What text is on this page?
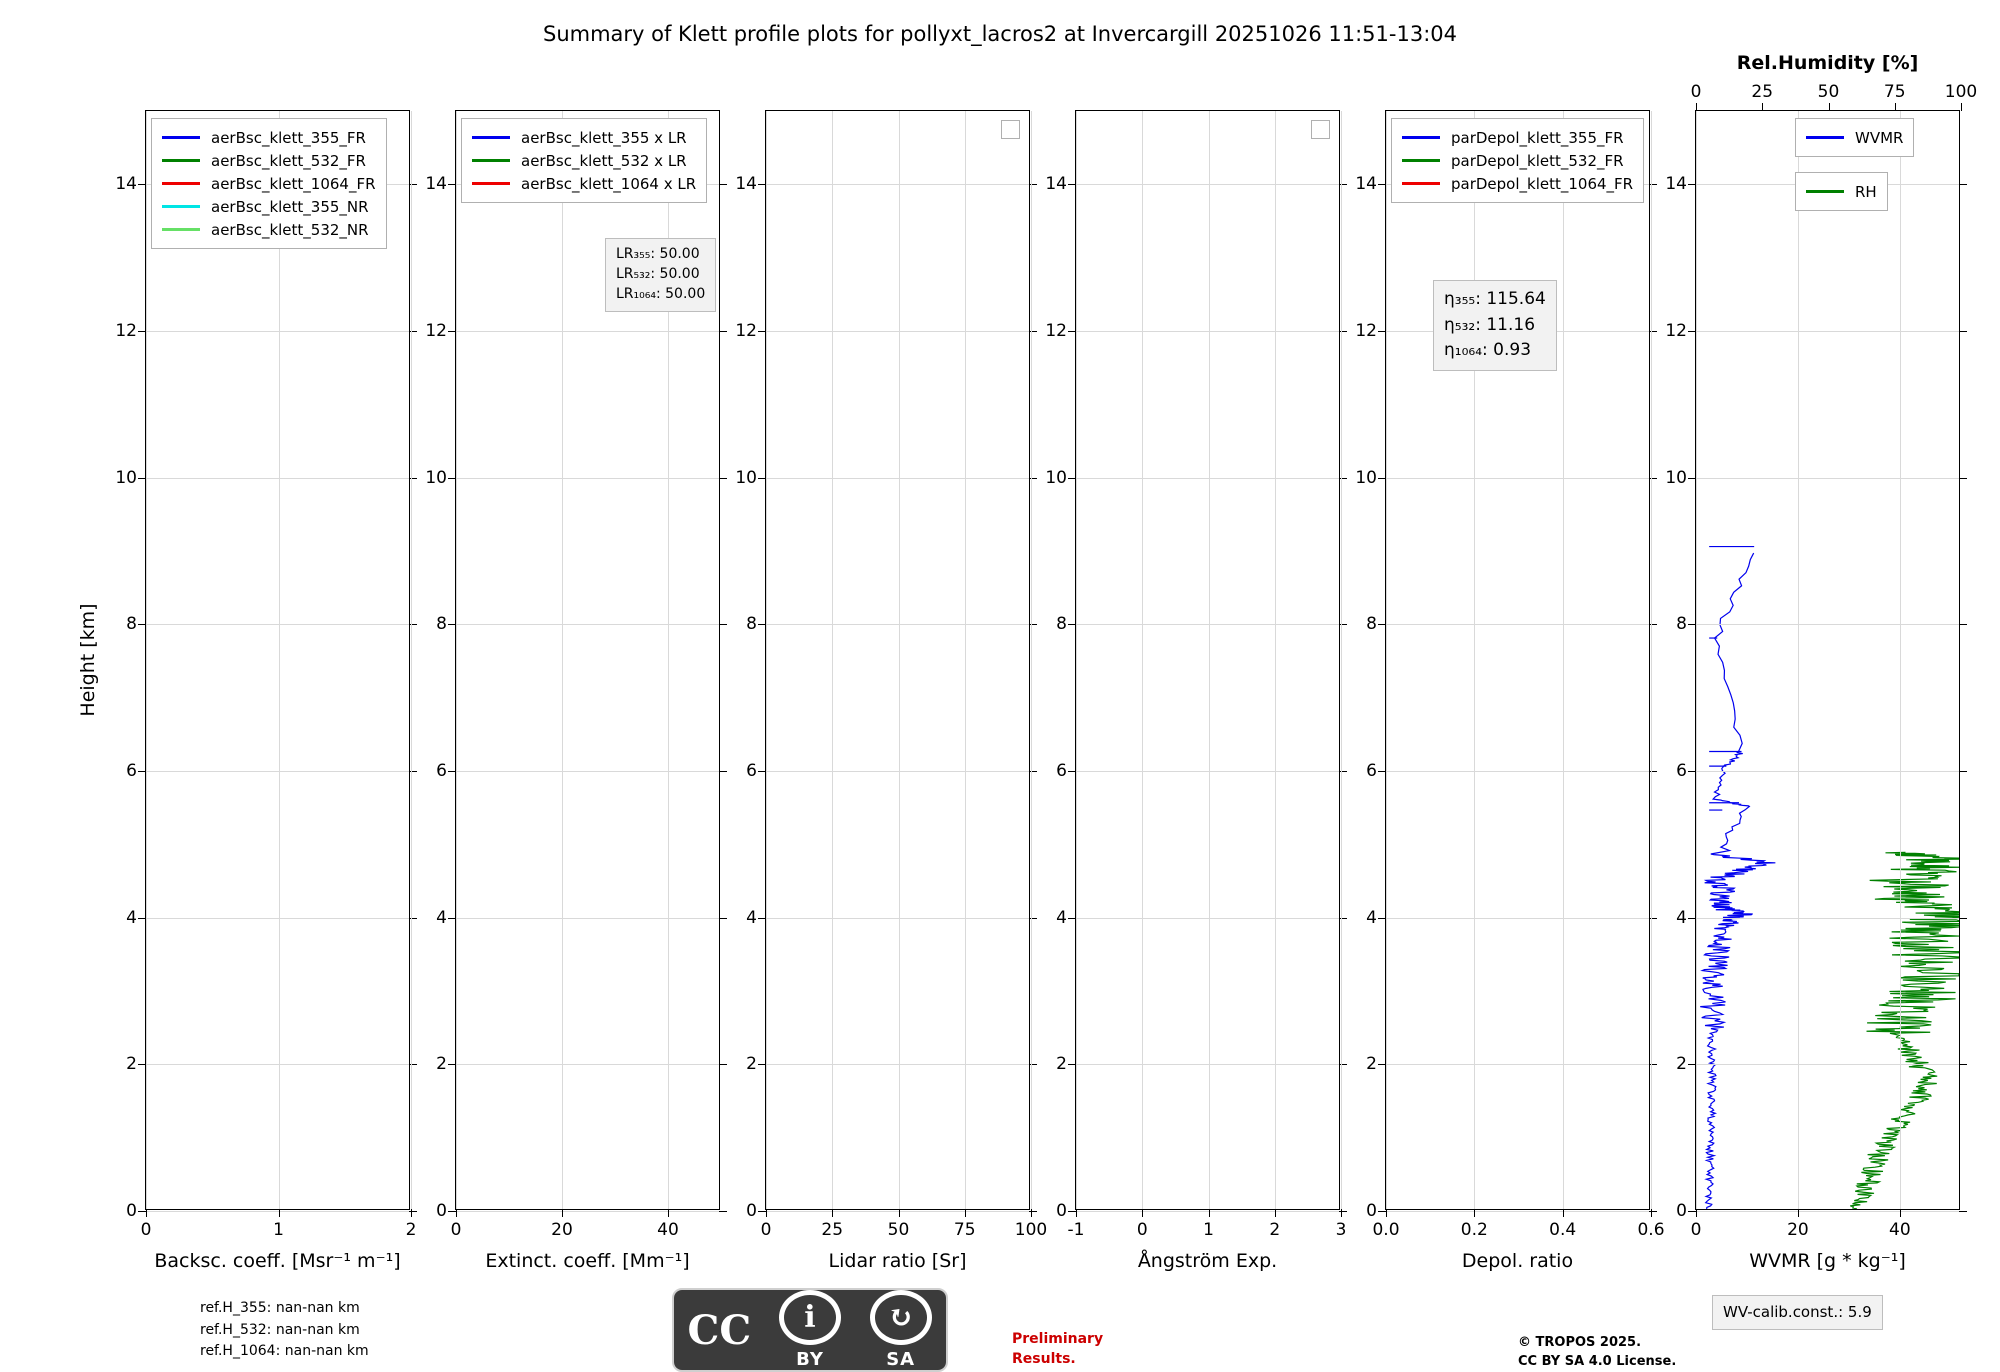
Summary of Klett profile plots for pollyxt_lacros2 at Invercargill 20251026 11:51-13:04
Height [km]
0
2
4
6
8
10
12
14
0	1	2
Backsc. coeff. [Msr⁻¹ m⁻¹]
aerBsc_klett_355_FR
aerBsc_klett_532_FR
aerBsc_klett_1064_FR
aerBsc_klett_355_NR
aerBsc_klett_532_NR
0
2
4
6
8
10
12
14
0	20	40
Extinct. coeff. [Mm⁻¹]
aerBsc_klett_355 x LR
aerBsc_klett_532 x LR
aerBsc_klett_1064 x LR
LR₃₅₅: 50.00
LR₅₃₂: 50.00
LR₁₀₆₄: 50.00
0
2
4
6
8
10
12
14
0	25	50	75 100
Lidar ratio [Sr]
0
2
4
6
8
10
12
14
-1	0	1	2	3
Ångström Exp.
0
2
4
6
8
10
12
14
0.0	0.2	0.4	0.6
Depol. ratio
parDepol_klett_355_FR
parDepol_klett_532_FR
parDepol_klett_1064_FR
η₃₅₅: 115.64
η₅₃₂: 11.16
η₁₀₆₄: 0.93
0
2
4
6
8
10
12
14
0	20	40
0	25	50	75 100
WVMR [g * kg⁻¹]
Rel.Humidity [%]
WVMR
RH
ref.H_355: nan-nan km
ref.H_532: nan-nan km
ref.H_1064: nan-nan km	CC	i
BY
↻
SA
Preliminary
Results.
© TROPOS 2025.
CC BY SA 4.0 License.
WV-calib.const.: 5.9
